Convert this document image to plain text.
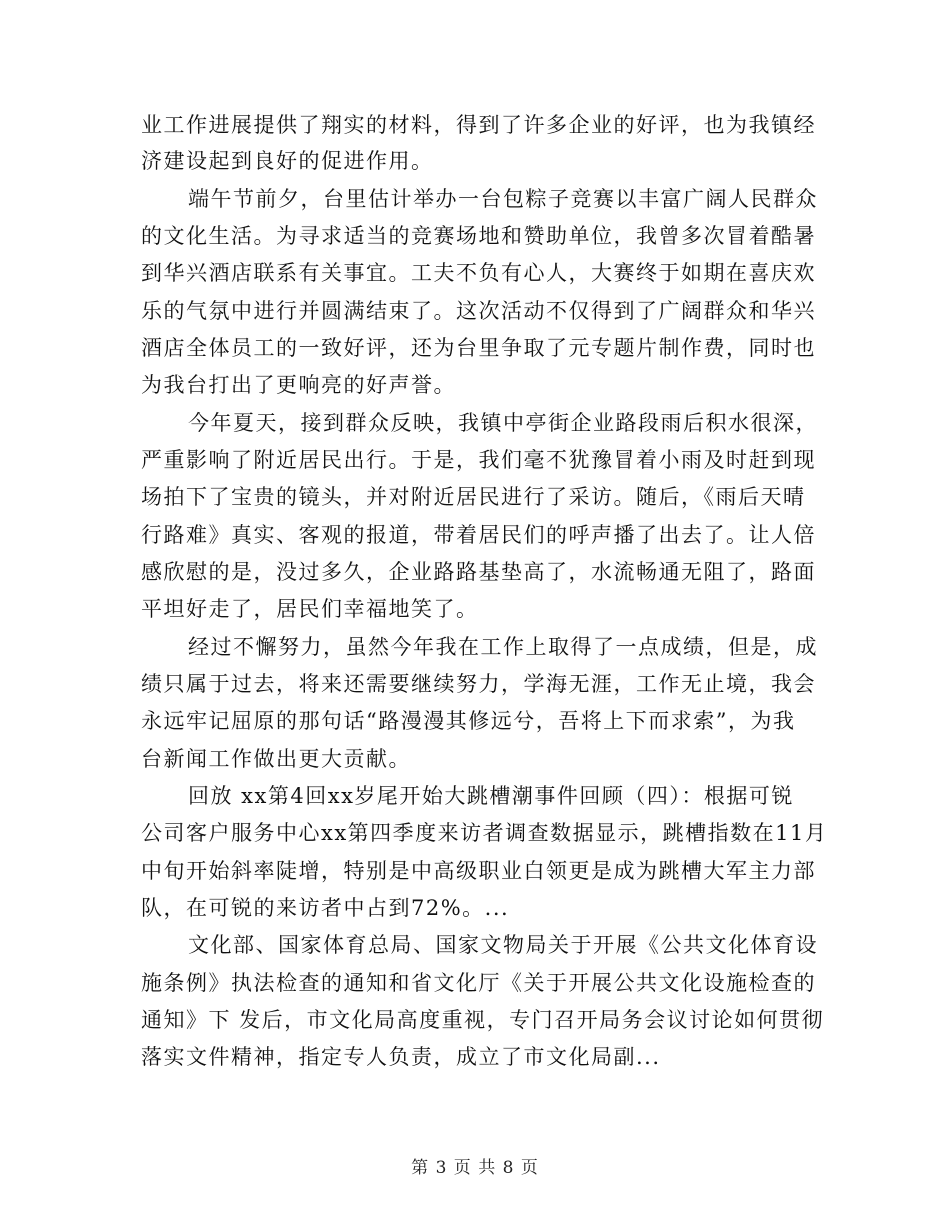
业工作进展提供了翔实的材料，得到了许多企业的好评，也为我镇经
济建设起到良好的促进作用。
端午节前夕，台里估计举办一台包粽子竞赛以丰富广阔人民群众
的文化生活。为寻求适当的竞赛场地和赞助单位，我曾多次冒着酷暑
到华兴酒店联系有关事宜。工夫不负有心人，大赛终于如期在喜庆欢
乐的气氛中进行并圆满结束了。这次活动不仅得到了广阔群众和华兴
酒店全体员工的一致好评，还为台里争取了元专题片制作费，同时也
为我台打出了更响亮的好声誉。
今年夏天，接到群众反映，我镇中亭街企业路段雨后积水很深，
严重影响了附近居民出行。于是，我们毫不犹豫冒着小雨及时赶到现
场拍下了宝贵的镜头，并对附近居民进行了采访。随后，《雨后天晴
行路难》真实、客观的报道，带着居民们的呼声播了出去了。让人倍
感欣慰的是，没过多久，企业路路基垫高了，水流畅通无阻了，路面
平坦好走了，居民们幸福地笑了。
经过不懈努力，虽然今年我在工作上取得了一点成绩，但是，成
绩只属于过去，将来还需要继续努力，学海无涯，工作无止境，我会
永远牢记屈原的那句话“路漫漫其修远兮，吾将上下而求索”，为我
台新闻工作做出更大贡献。
回放 xx第4回xx岁尾开始大跳槽潮事件回顾（四）：根据可锐
公司客户服务中心xx第四季度来访者调查数据显示，跳槽指数在11月
中旬开始斜率陡增，特别是中高级职业白领更是成为跳槽大军主力部
队，在可锐的来访者中占到72%。...
文化部、国家体育总局、国家文物局关于开展《公共文化体育设
施条例》执法检查的通知和省文化厅《关于开展公共文化设施检查的
通知》下 发后，市文化局高度重视，专门召开局务会议讨论如何贯彻
落实文件精神，指定专人负责，成立了市文化局副...
第 3 页 共 8 页
